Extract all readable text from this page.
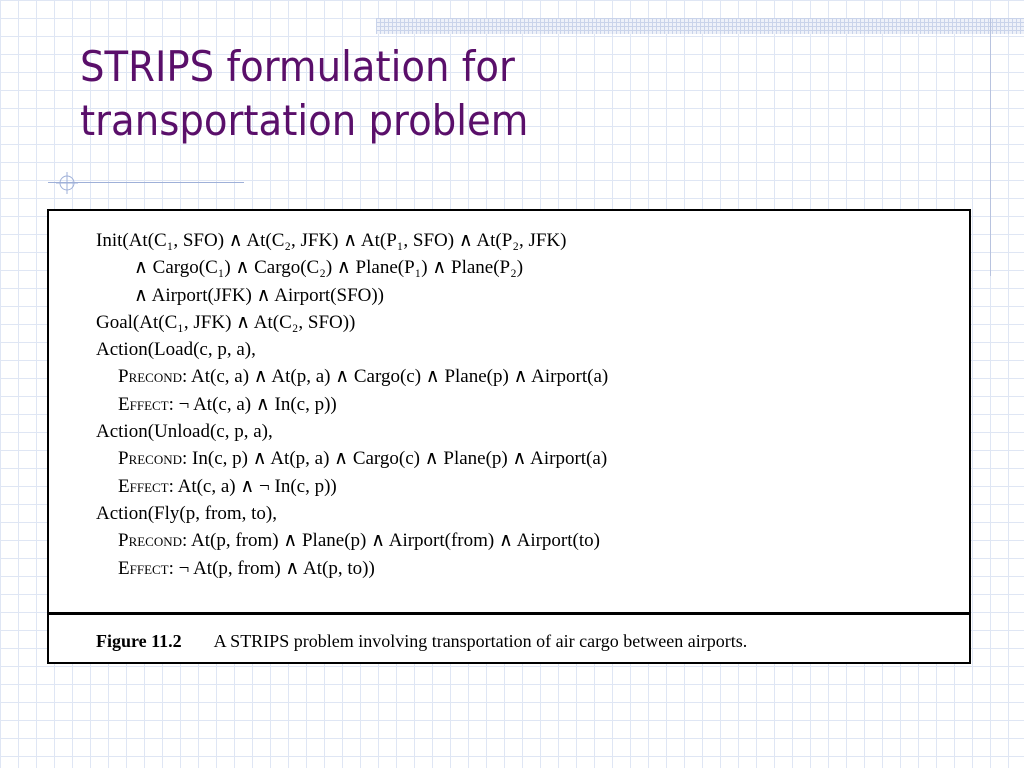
STRIPS formulation for
transportation problem
Init(At(C₁, SFO) ∧ At(C₂, JFK) ∧ At(P₁, SFO) ∧ At(P₂, JFK)
∧ Cargo(C₁) ∧ Cargo(C₂) ∧ Plane(P₁) ∧ Plane(P₂)
∧ Airport(JFK) ∧ Airport(SFO))
Goal(At(C₁, JFK) ∧ At(C₂, SFO))
Action(Load(c, p, a),
Precond: At(c, a) ∧ At(p, a) ∧ Cargo(c) ∧ Plane(p) ∧ Airport(a)
Effect: ¬ At(c, a) ∧ In(c, p))
Action(Unload(c, p, a),
Precond: In(c, p) ∧ At(p, a) ∧ Cargo(c) ∧ Plane(p) ∧ Airport(a)
Effect: At(c, a) ∧ ¬ In(c, p))
Action(Fly(p, from, to),
Precond: At(p, from) ∧ Plane(p) ∧ Airport(from) ∧ Airport(to)
Effect: ¬ At(p, from) ∧ At(p, to))
Figure 11.2 A STRIPS problem involving transportation of air cargo between airports.
